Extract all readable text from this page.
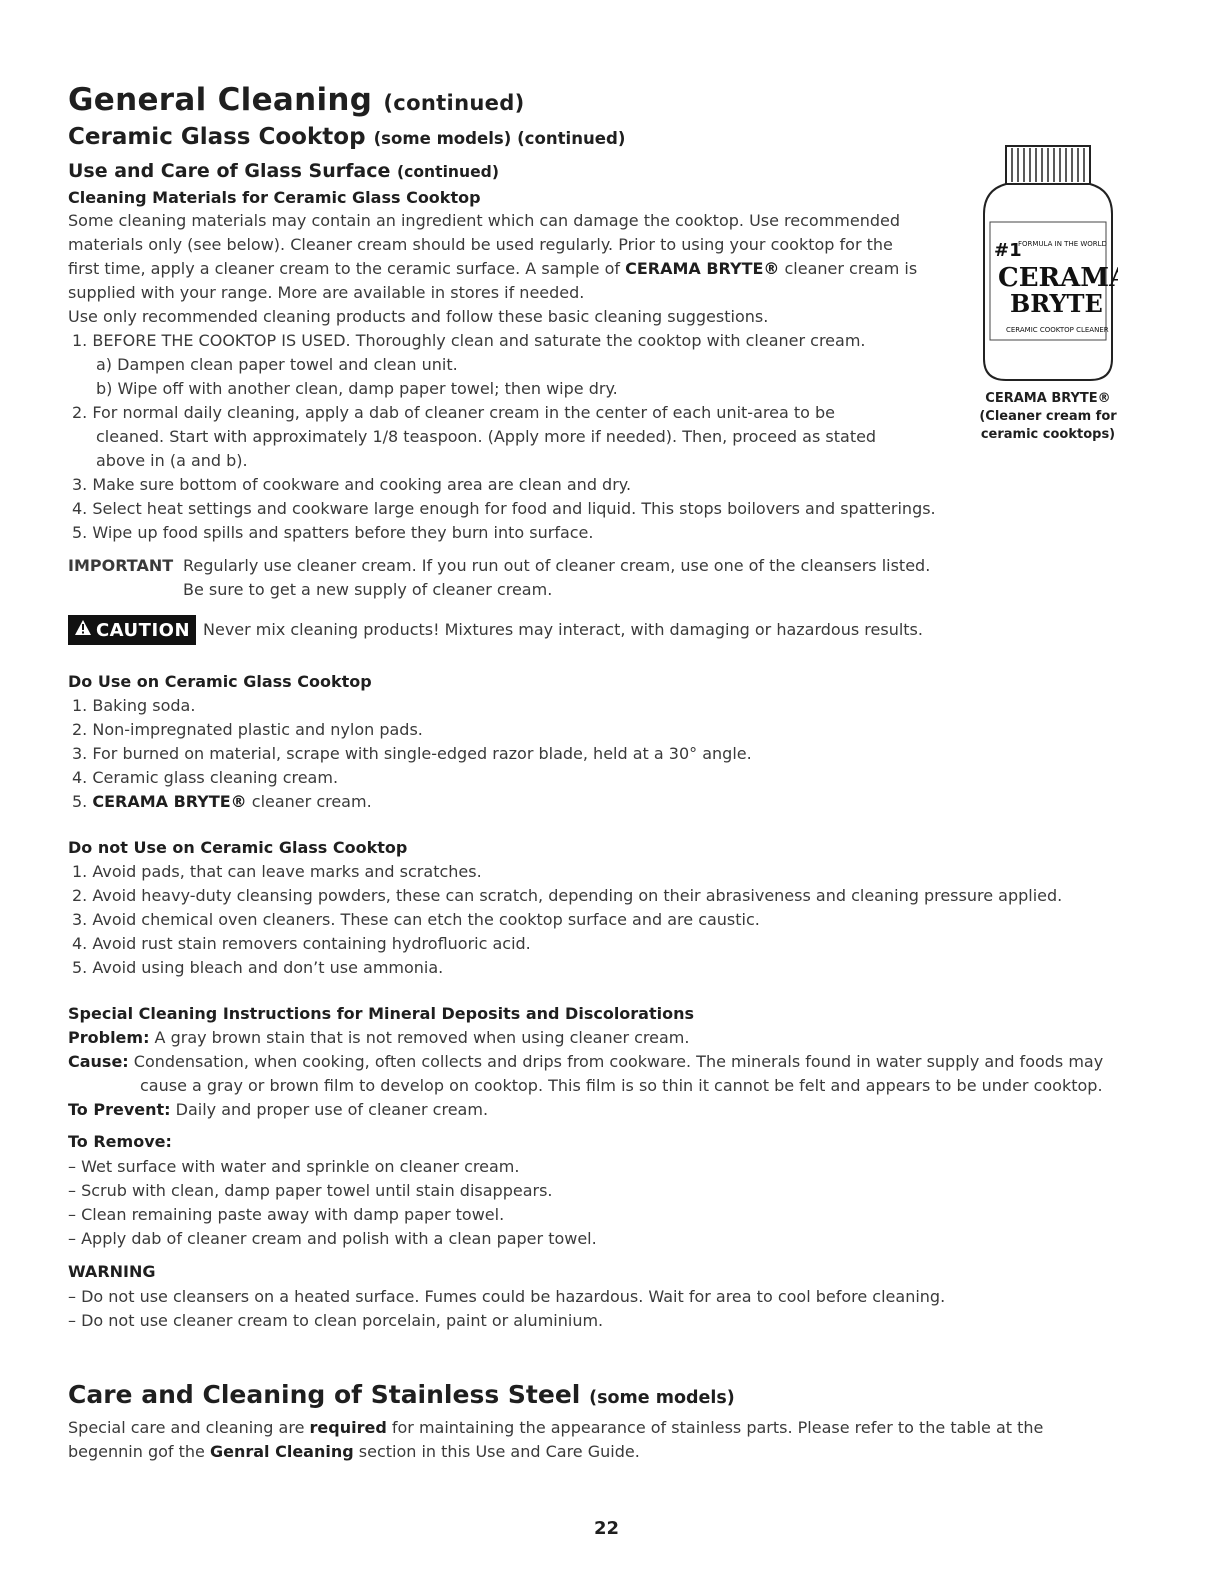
General Cleaning (continued)
Ceramic Glass Cooktop (some models) (continued)
Use and Care of Glass Surface (continued)
Cleaning Materials for Ceramic Glass Cooktop
Some cleaning materials may contain an ingredient which can damage the cooktop. Use recommended
materials only (see below). Cleaner cream should be used regularly. Prior to using your cooktop for the
first time, apply a cleaner cream to the ceramic surface. A sample of CERAMA BRYTE® cleaner cream is
supplied with your range. More are available in stores if needed.
Use only recommended cleaning products and follow these basic cleaning suggestions.
1. BEFORE THE COOKTOP IS USED. Thoroughly clean and saturate the cooktop with cleaner cream.
a) Dampen clean paper towel and clean unit.
b) Wipe off with another clean, damp paper towel; then wipe dry.
2. For normal daily cleaning, apply a dab of cleaner cream in the center of each unit-area to be
cleaned. Start with approximately 1/8 teaspoon. (Apply more if needed). Then, proceed as stated
above in (a and b).
3. Make sure bottom of cookware and cooking area are clean and dry.
4. Select heat settings and cookware large enough for food and liquid. This stops boilovers and spatterings.
5. Wipe up food spills and spatters before they burn into surface.
IMPORTANT Regularly use cleaner cream. If you run out of cleaner cream, use one of the cleansers listed.
Be sure to get a new supply of cleaner cream.
CAUTION Never mix cleaning products! Mixtures may interact, with damaging or hazardous results.
#1
FORMULA IN THE WORLD
CERAMA
BRYTE
CERAMIC COOKTOP CLEANER
CERAMA BRYTE®
(Cleaner cream for
ceramic cooktops)
Do Use on Ceramic Glass Cooktop
1. Baking soda.
2. Non-impregnated plastic and nylon pads.
3. For burned on material, scrape with single-edged razor blade, held at a 30° angle.
4. Ceramic glass cleaning cream.
5. CERAMA BRYTE® cleaner cream.
Do not Use on Ceramic Glass Cooktop
1. Avoid pads, that can leave marks and scratches.
2. Avoid heavy-duty cleansing powders, these can scratch, depending on their abrasiveness and cleaning pressure applied.
3. Avoid chemical oven cleaners. These can etch the cooktop surface and are caustic.
4. Avoid rust stain removers containing hydrofluoric acid.
5. Avoid using bleach and don’t use ammonia.
Special Cleaning Instructions for Mineral Deposits and Discolorations
Problem: A gray brown stain that is not removed when using cleaner cream.
Cause: Condensation, when cooking, often collects and drips from cookware. The minerals found in water supply and foods may
cause a gray or brown film to develop on cooktop. This film is so thin it cannot be felt and appears to be under cooktop.
To Prevent: Daily and proper use of cleaner cream.
To Remove:
– Wet surface with water and sprinkle on cleaner cream.
– Scrub with clean, damp paper towel until stain disappears.
– Clean remaining paste away with damp paper towel.
– Apply dab of cleaner cream and polish with a clean paper towel.
WARNING
– Do not use cleansers on a heated surface. Fumes could be hazardous. Wait for area to cool before cleaning.
– Do not use cleaner cream to clean porcelain, paint or aluminium.
Care and Cleaning of Stainless Steel (some models)
Special care and cleaning are required for maintaining the appearance of stainless parts. Please refer to the table at the
begennin gof the Genral Cleaning section in this Use and Care Guide.
22
